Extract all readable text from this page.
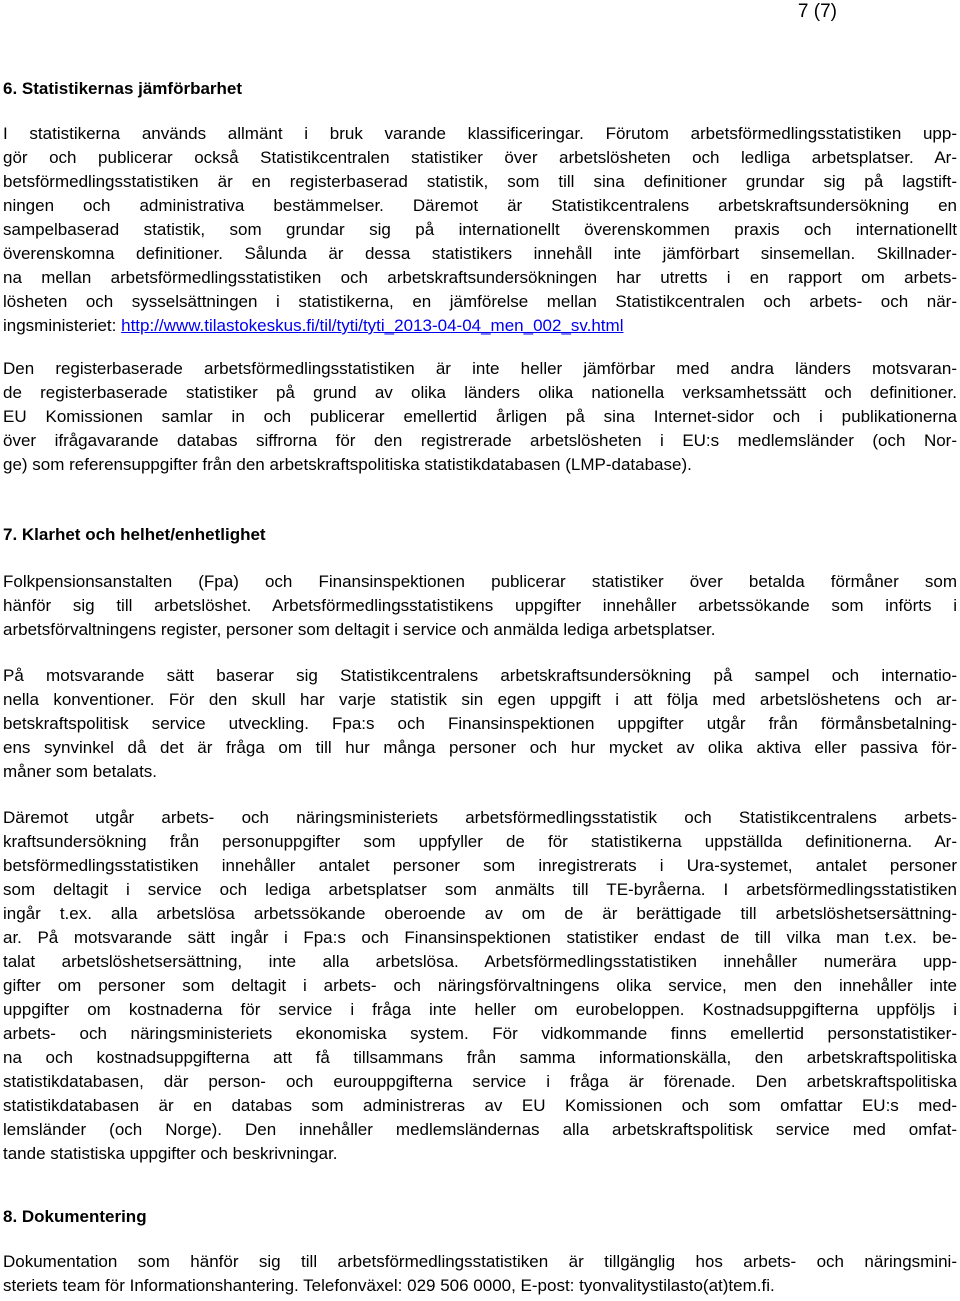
7 (7)
6. Statistikernas jämförbarhet
I statistikerna används allmänt i bruk varande klassificeringar. Förutom arbetsförmedlingsstatistiken upp-
gör och publicerar också Statistikcentralen statistiker över arbetslösheten och ledliga arbetsplatser. Ar-
betsförmedlingsstatistiken är en registerbaserad statistik, som till sina definitioner grundar sig på lagstift-
ningen och administrativa bestämmelser. Däremot är Statistikcentralens arbetskraftsundersökning en
sampelbaserad statistik, som grundar sig på internationellt överenskommen praxis och internationellt
överenskomna definitioner. Sålunda är dessa statistikers innehåll inte jämförbart sinsemellan. Skillnader-
na mellan arbetsförmedlingsstatistiken och arbetskraftsundersökningen har utretts i en rapport om arbets-
lösheten och sysselsättningen i statistikerna, en jämförelse mellan Statistikcentralen och arbets- och när-
ingsministeriet: http://www.tilastokeskus.fi/til/tyti/tyti_2013-04-04_men_002_sv.html
Den registerbaserade arbetsförmedlingsstatistiken är inte heller jämförbar med andra länders motsvaran-
de registerbaserade statistiker på grund av olika länders olika nationella verksamhetssätt och definitioner.
EU Komissionen samlar in och publicerar emellertid årligen på sina Internet-sidor och i publikationerna
över ifrågavarande databas siffrorna för den registrerade arbetslösheten i EU:s medlemsländer (och Nor-
ge) som referensuppgifter från den arbetskraftspolitiska statistikdatabasen (LMP-database).
7. Klarhet och helhet/enhetlighet
Folkpensionsanstalten (Fpa) och Finansinspektionen publicerar statistiker över betalda förmåner som
hänför sig till arbetslöshet. Arbetsförmedlingsstatistikens uppgifter innehåller arbetssökande som införts i
arbetsförvaltningens register, personer som deltagit i service och anmälda lediga arbetsplatser.
På motsvarande sätt baserar sig Statistikcentralens arbetskraftsundersökning på sampel och internatio-
nella konventioner. För den skull har varje statistik sin egen uppgift i att följa med arbetslöshetens och ar-
betskraftspolitisk service utveckling. Fpa:s och Finansinspektionen uppgifter utgår från förmånsbetalning-
ens synvinkel då det är fråga om till hur många personer och hur mycket av olika aktiva eller passiva för-
måner som betalats.
Däremot utgår arbets- och näringsministeriets arbetsförmedlingsstatistik och Statistikcentralens arbets-
kraftsundersökning från personuppgifter som uppfyller de för statistikerna uppställda definitionerna. Ar-
betsförmedlingsstatistiken innehåller antalet personer som inregistrerats i Ura-systemet, antalet personer
som deltagit i service och lediga arbetsplatser som anmälts till TE-byråerna. I arbetsförmedlingsstatistiken
ingår t.ex. alla arbetslösa arbetssökande oberoende av om de är berättigade till arbetslöshetsersättning-
ar. På motsvarande sätt ingår i Fpa:s och Finansinspektionen statistiker endast de till vilka man t.ex. be-
talat arbetslöshetsersättning, inte alla arbetslösa. Arbetsförmedlingsstatistiken innehåller numerära upp-
gifter om personer som deltagit i arbets- och näringsförvaltningens olika service, men den innehåller inte
uppgifter om kostnaderna för service i fråga inte heller om eurobeloppen. Kostnadsuppgifterna uppföljs i
arbets- och näringsministeriets ekonomiska system. För vidkommande finns emellertid personstatistiker-
na och kostnadsuppgifterna att få tillsammans från samma informationskälla, den arbetskraftspolitiska
statistikdatabasen, där person- och eurouppgifterna service i fråga är förenade. Den arbetskraftspolitiska
statistikdatabasen är en databas som administreras av EU Komissionen och som omfattar EU:s med-
lemsländer (och Norge). Den innehåller medlemsländernas alla arbetskraftspolitisk service med omfat-
tande statistiska uppgifter och beskrivningar.
8. Dokumentering
Dokumentation som hänför sig till arbetsförmedlingsstatistiken är tillgänglig hos arbets- och näringsmini-
steriets team för Informationshantering. Telefonväxel: 029 506 0000, E-post: tyonvalitystilasto(at)tem.fi.
